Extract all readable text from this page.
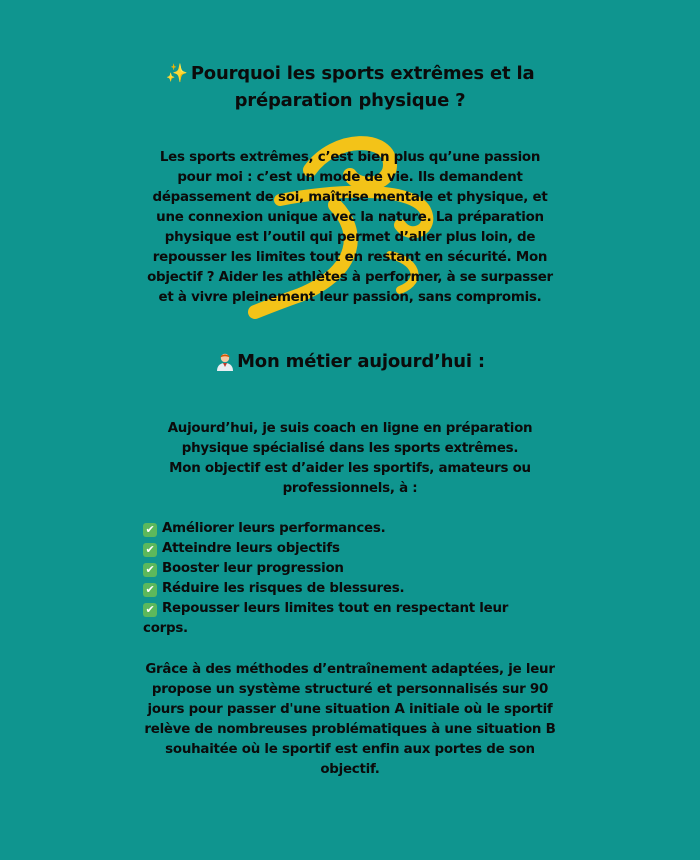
✨ Pourquoi les sports extrêmes et la préparation physique ?

Les sports extrêmes, c’est bien plus qu’une passion pour moi : c’est un mode de vie. Ils demandent dépassement de soi, maîtrise mentale et physique, et une connexion unique avec la nature. La préparation physique est l’outil qui permet d’aller plus loin, de repousser les limites tout en restant en sécurité. Mon objectif ? Aider les athlètes à performer, à se surpasser et à vivre pleinement leur passion, sans compromis.

Mon métier aujourd’hui :

Aujourd’hui, je suis coach en ligne en préparation physique spécialisé dans les sports extrêmes.
Mon objectif est d’aider les sportifs, amateurs ou professionnels, à :

✔ Améliorer leurs performances.
✔ Atteindre leurs objectifs
✔ Booster leur progression
✔ Réduire les risques de blessures.
✔ Repousser leurs limites tout en respectant leur corps.

Grâce à des méthodes d’entraînement adaptées, je leur propose un système structuré et personnalisés sur 90 jours pour passer d'une situation A initiale où le sportif relève de nombreuses problématiques à une situation B souhaitée où le sportif est enfin aux portes de son objectif.
